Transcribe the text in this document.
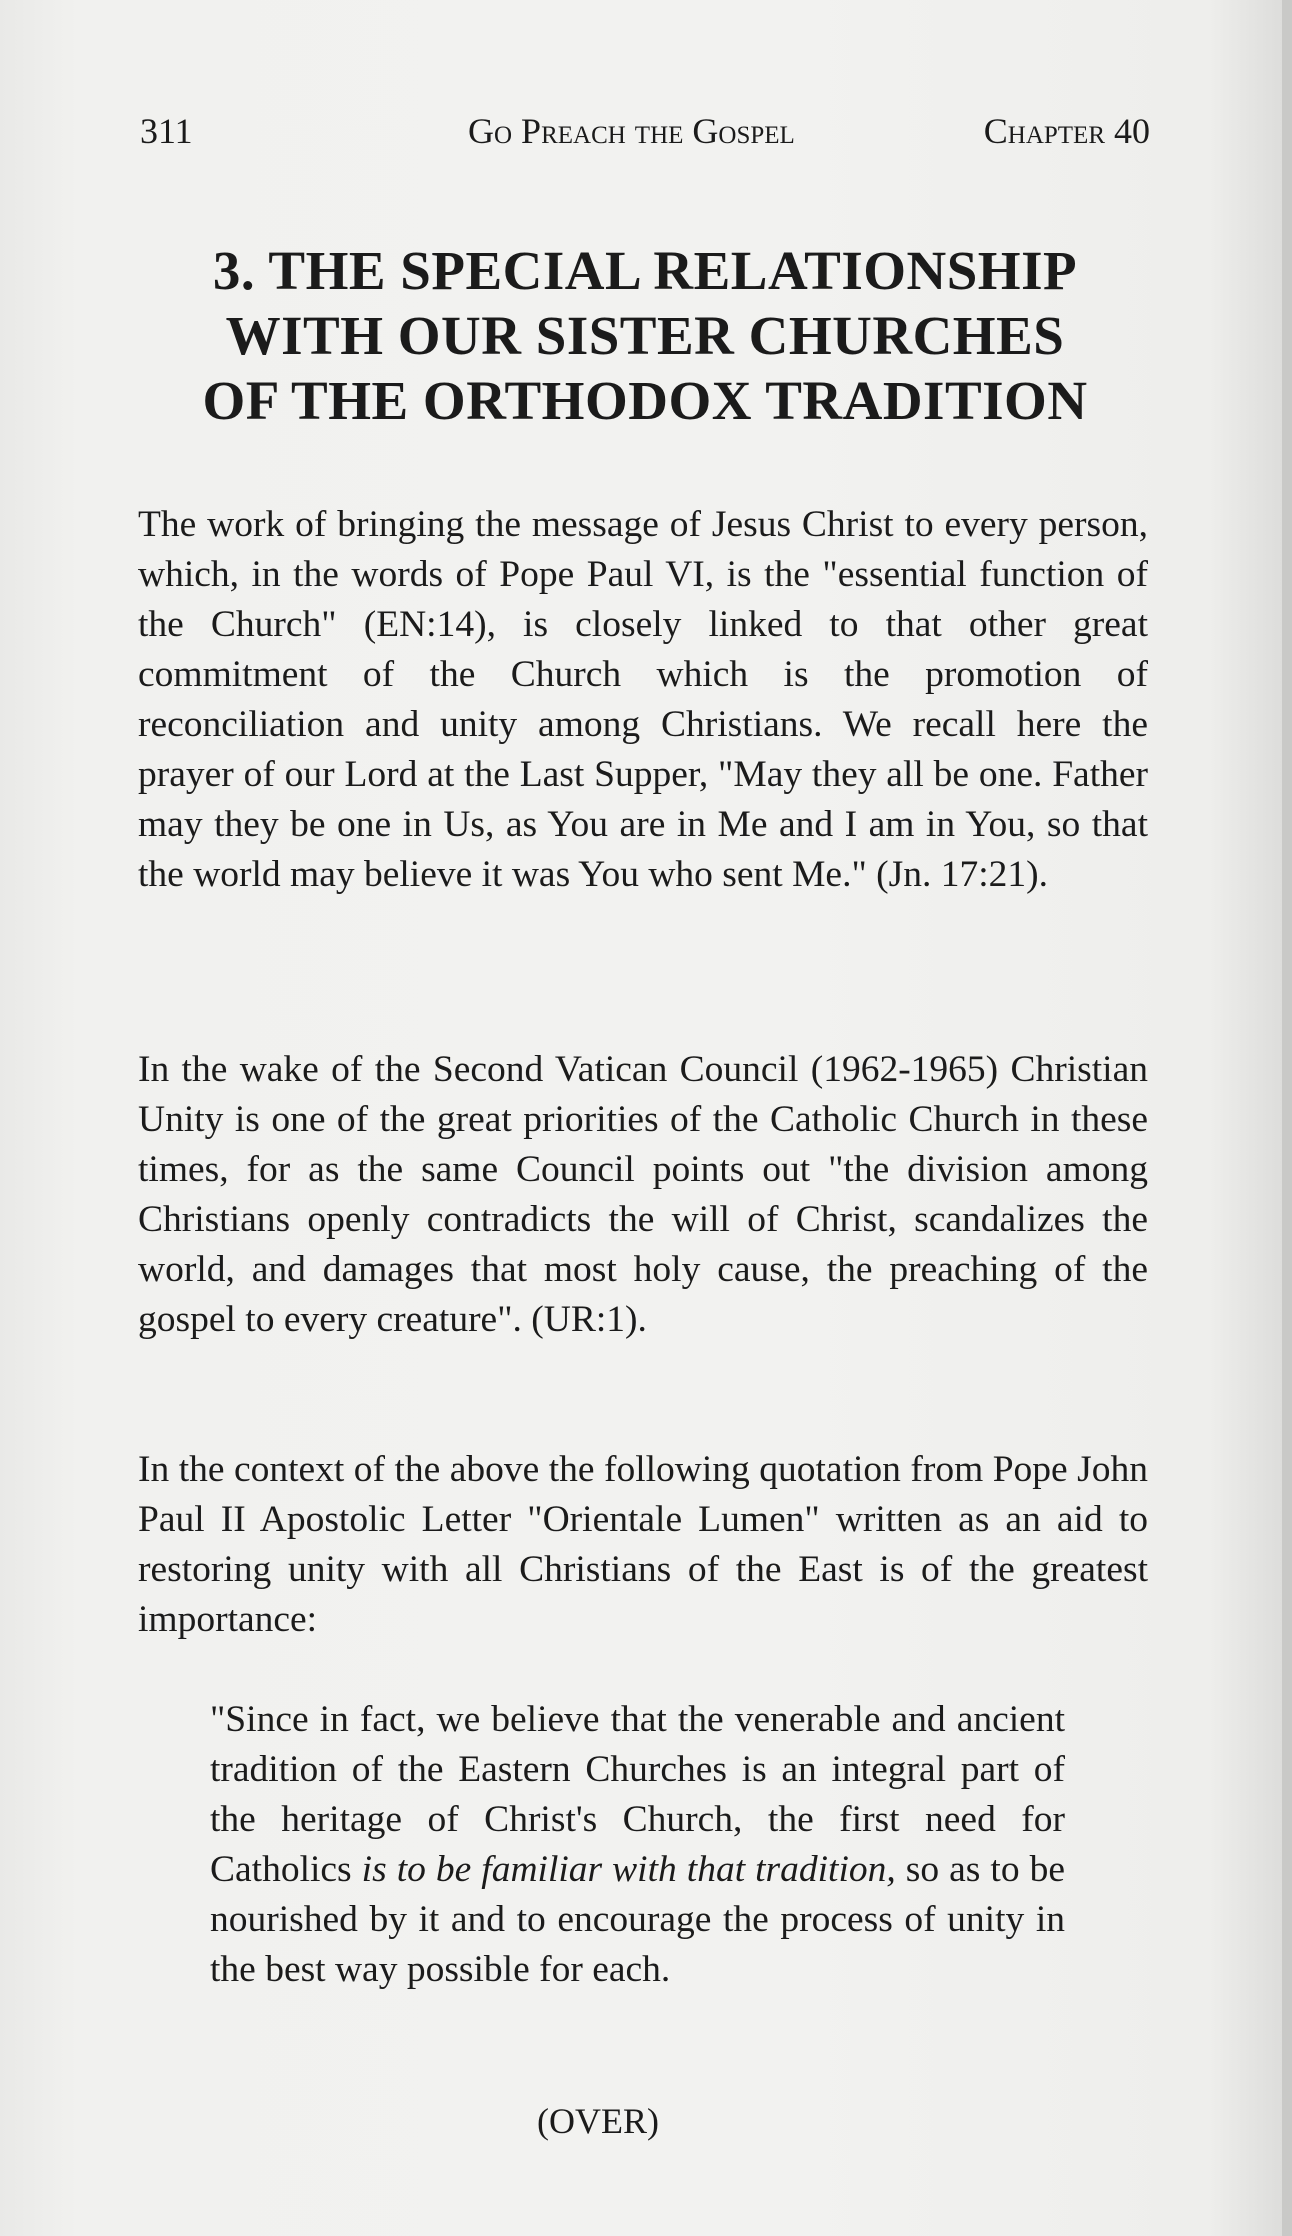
311	Go Preach the Gospel	Chapter 40
3. THE SPECIAL RELATIONSHIP
WITH OUR SISTER CHURCHES
OF THE ORTHODOX TRADITION

The work of bringing the message of Jesus Christ to every person, which, in the words of Pope Paul VI, is the "essential function of the Church" (EN:14), is closely linked to that other great commitment of the Church which is the promotion of reconciliation and unity among Christians. We recall here the prayer of our Lord at the Last Supper, "May they all be one. Father may they be one in Us, as You are in Me and I am in You, so that the world may believe it was You who sent Me." (Jn. 17:21).

In the wake of the Second Vatican Council (1962-1965) Christian Unity is one of the great priorities of the Catholic Church in these times, for as the same Council points out "the division among Christians openly contradicts the will of Christ, scandalizes the world, and damages that most holy cause, the preaching of the gospel to every creature". (UR:1).

In the context of the above the following quotation from Pope John Paul II Apostolic Letter "Orientale Lumen" written as an aid to restoring unity with all Christians of the East is of the greatest importance:

"Since in fact, we believe that the venerable and ancient tradition of the Eastern Churches is an integral part of the heritage of Christ's Church, the first need for Catholics is to be familiar with that tradition, so as to be nourished by it and to encourage the process of unity in the best way possible for each.

(OVER)
